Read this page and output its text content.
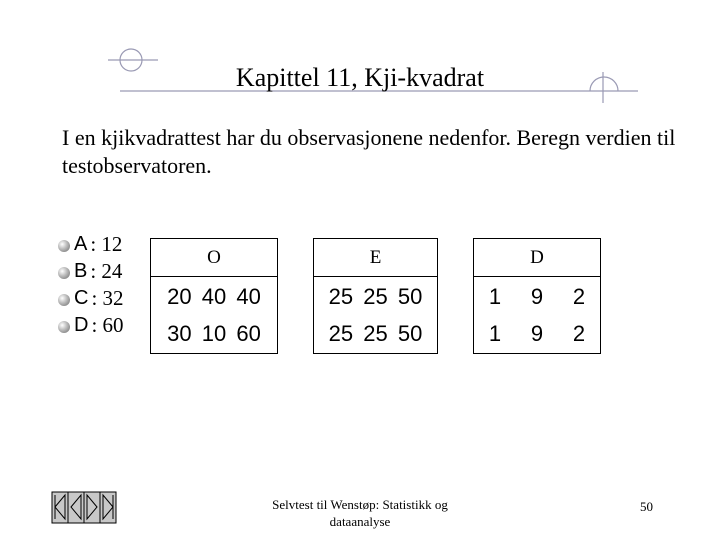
Kapittel 11, Kji-kvadrat
I en kjikvadrattest har du observasjonene nedenfor. Beregn verdien til testobservatoren.
A : 12
B : 24
C : 32
D : 60
O

20 40 40
30 10 60
E

25 25 50
25 25 50
D

1	9	2
1	9	2
Selvtest til Wenstøp: Statistikk og dataanalyse
50
